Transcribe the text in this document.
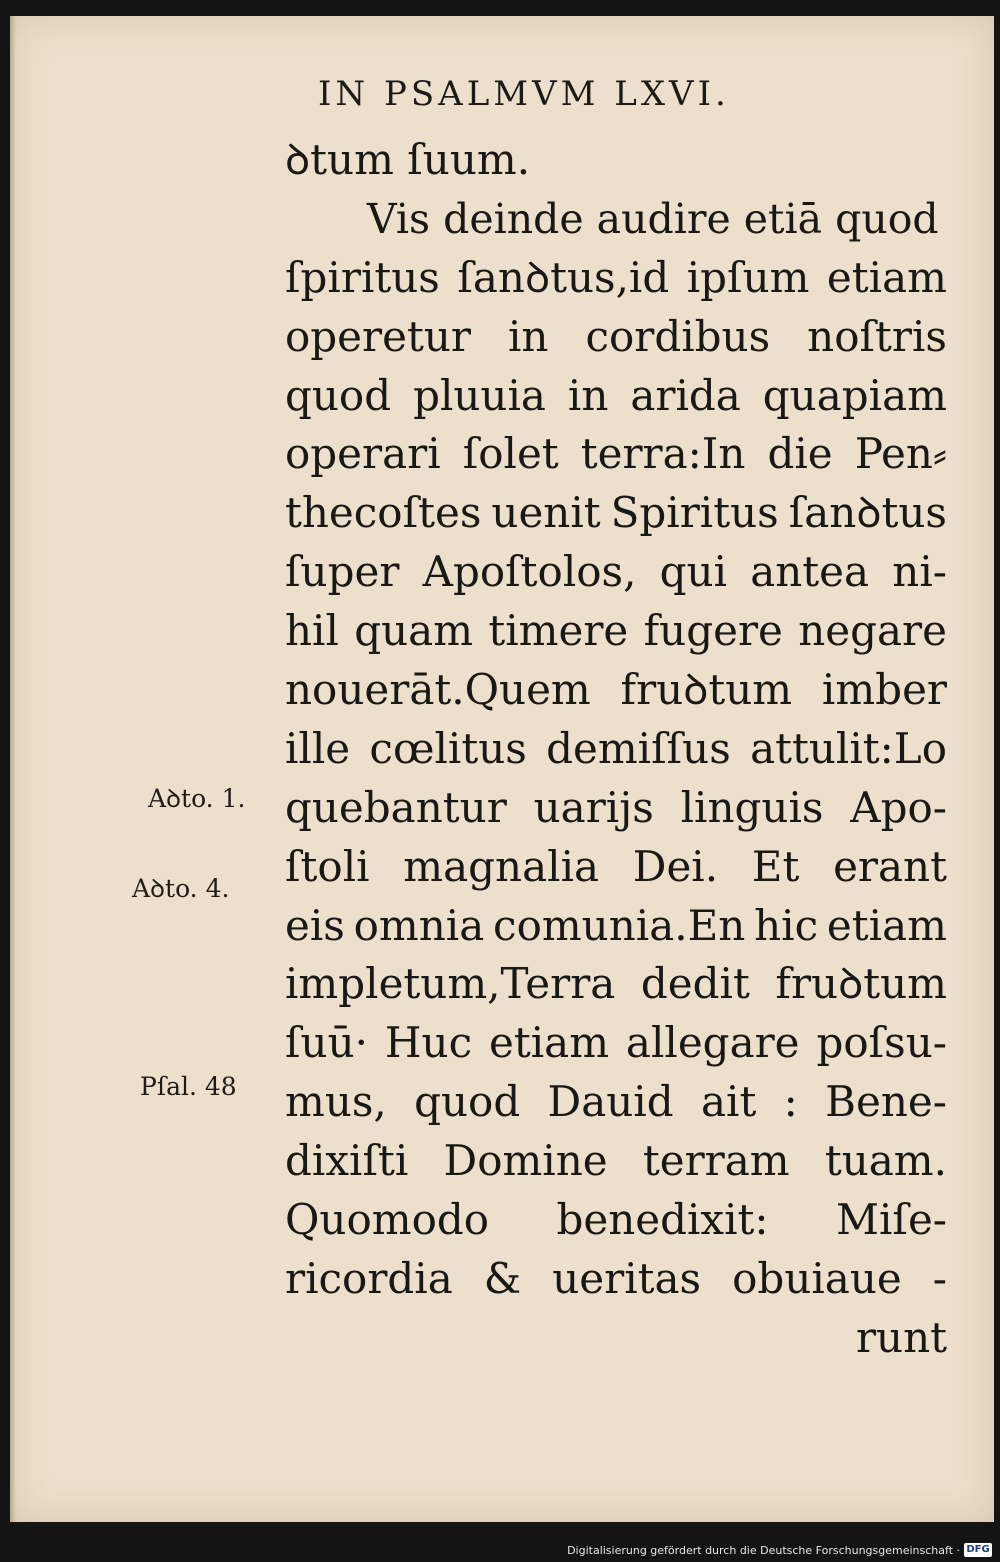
IN PSALMVM LXVI.
ꝺtum ſuum.
Vis deinde audire etiā quod
ſpiritus ſanꝺtus,id ipſum etiam
operetur in cordibus noſtris
quod pluuia in arida quapiam
operari ſolet terra:In die Pen⸗
thecoſtes uenit Spiritus ſanꝺtus
ſuper Apoſtolos, qui antea ni-
hil quam timere fugere negare
nouerāt.Quem fruꝺtum imber
ille cœlitus demiſſus attulit:Lo
quebantur uarijs linguis Apo-
ſtoli magnalia Dei. Et erant
eis omnia comunia.En hic etiam
impletum,Terra dedit fruꝺtum
ſuū· Huc etiam allegare poſsu-
mus, quod Dauid ait : Bene-
dixiſti Domine terram tuam.
Quomodo benedixit: Miſe-
ricordia & ueritas obuiaue -
runt
Aꝺto. 1.
Aꝺto. 4.
Pſal. 48
Digitalisierung gefördert durch die Deutsche Forschungsgemeinschaft · DFG
